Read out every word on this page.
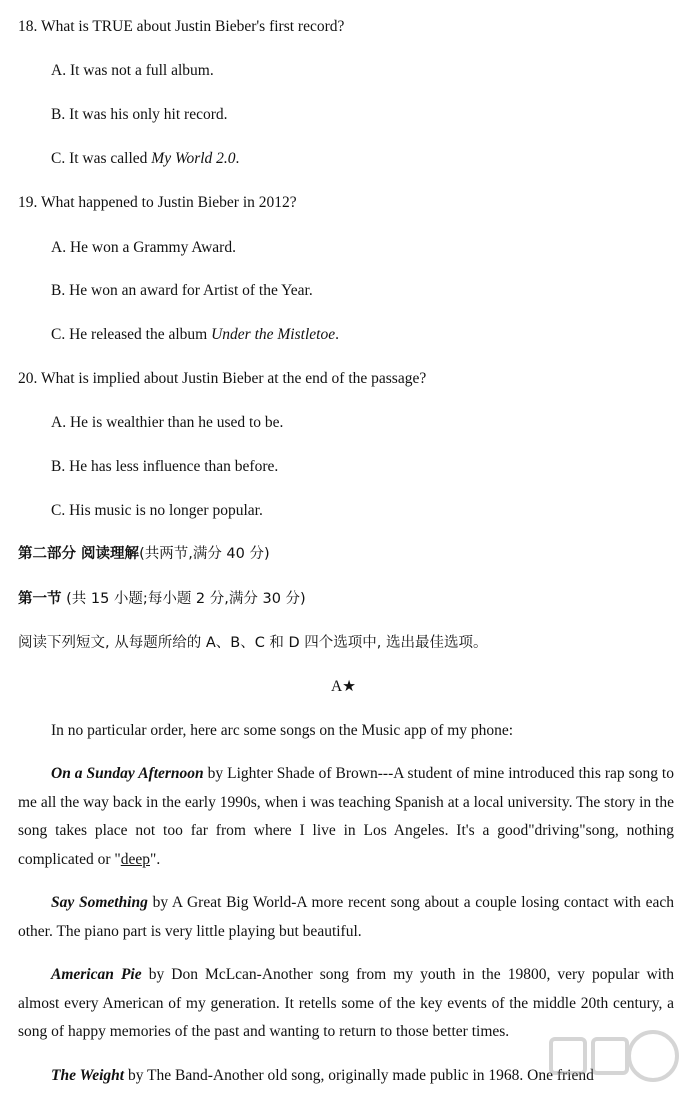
18. What is TRUE about Justin Bieber's first record?
A. It was not a full album.
B. It was his only hit record.
C. It was called My World 2.0.
19. What happened to Justin Bieber in 2012?
A. He won a Grammy Award.
B. He won an award for Artist of the Year.
C. He released the album Under the Mistletoe.
20. What is implied about Justin Bieber at the end of the passage?
A. He is wealthier than he used to be.
B. He has less influence than before.
C. His music is no longer popular.
第二部分 阅读理解(共两节,满分 40 分)
第一节 (共 15 小题;每小题 2 分,满分 30 分)
阅读下列短文, 从每题所给的 A、B、C 和 D 四个选项中, 选出最佳选项。
A★
In no particular order, here arc some songs on the Music app of my phone:
On a Sunday Afternoon by Lighter Shade of Brown---A student of mine introduced this rap song to me all the way back in the early 1990s, when i was teaching Spanish at a local university. The story in the song takes place not too far from where I live in Los Angeles. It's a good"driving"song, nothing complicated or "deep".
Say Something by A Great Big World-A more recent song about a couple losing contact with each other. The piano part is very little playing but beautiful.
American Pie by Don McLcan-Another song from my youth in the 19800, very popular with almost every American of my generation. It retells some of the key events of the middle 20th century, a song of happy memories of the past and wanting to return to those better times.
The Weight by The Band-Another old song, originally made public in 1968. One friend
